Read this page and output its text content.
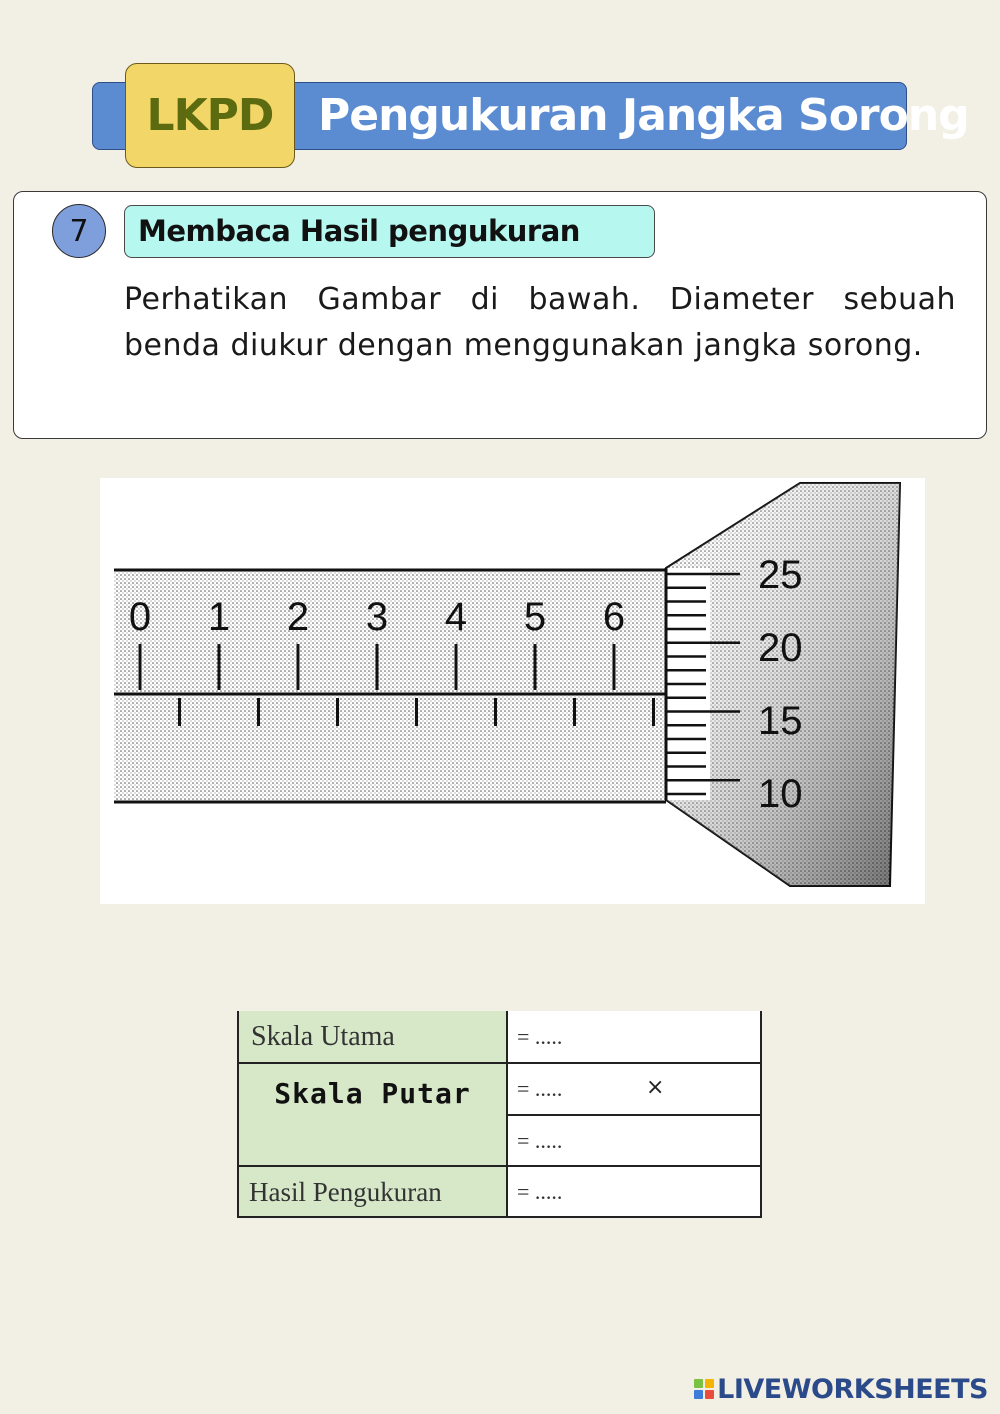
Pengukuran Jangka Sorong
LKPD
7	Membaca Hasil pengukuran
Perhatikan Gambar di bawah. Diameter sebuah benda diukur dengan menggunakan jangka sorong.
0 1 2 3 4 5 6
25
20
15
10
Skala Utama	= .....
Skala Putar	= .....
= .....
Hasil Pengukuran	= .....
×
LIVEWORKSHEETS
